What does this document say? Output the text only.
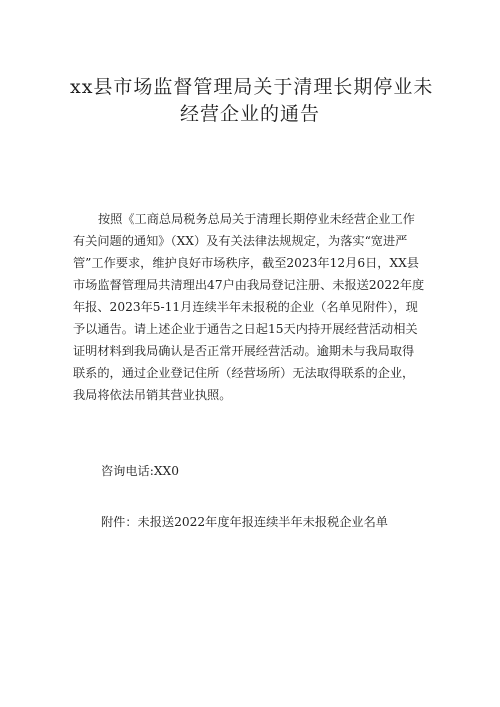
xx县市场监督管理局关于清理长期停业未
经营企业的通告
按照《工商总局税务总局关于清理长期停业未经营企业工作
有关问题的通知》（XX）及有关法律法规规定，为落实“宽进严
管”工作要求，维护良好市场秩序，截至2023年12月6日，XX县
市场监督管理局共清理出47户由我局登记注册、未报送2022年度
年报、2023年5-11月连续半年未报税的企业（名单见附件），现
予以通告。请上述企业于通告之日起15天内持开展经营活动相关
证明材料到我局确认是否正常开展经营活动。逾期未与我局取得
联系的，通过企业登记住所（经营场所）无法取得联系的企业，
我局将依法吊销其营业执照。
咨询电话:XX0
附件：未报送2022年度年报连续半年未报税企业名单
